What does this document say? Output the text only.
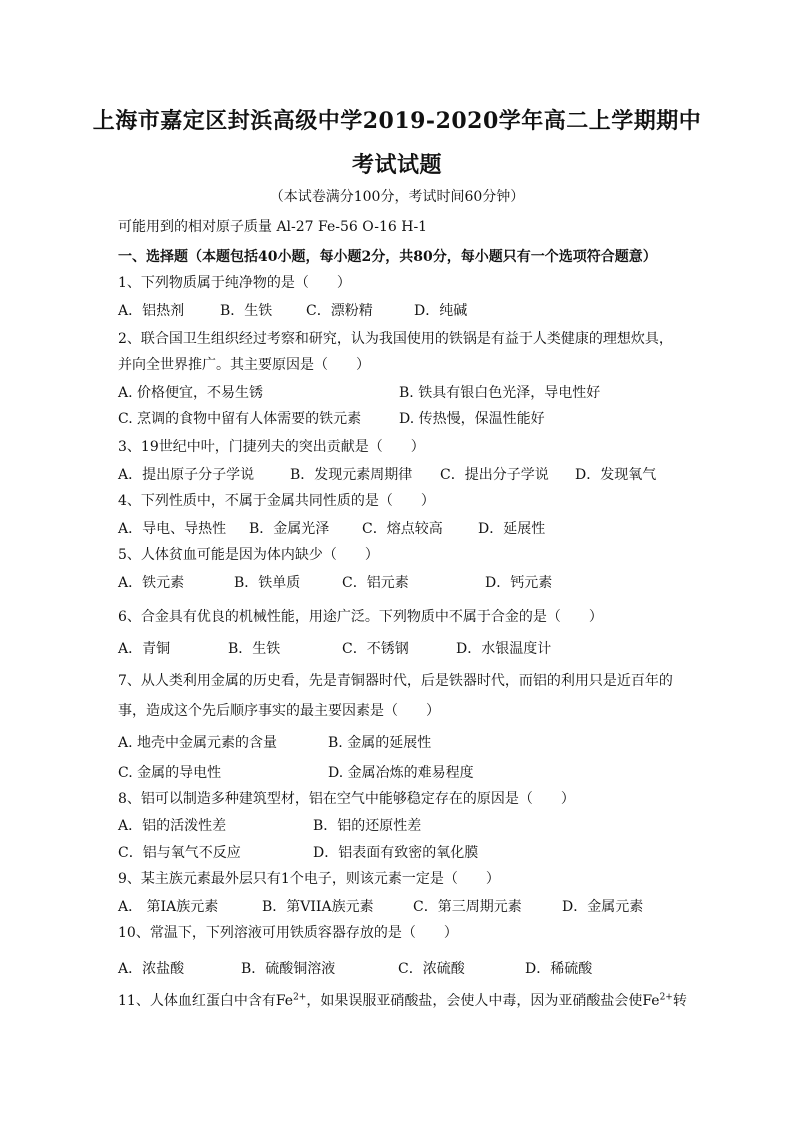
上海市嘉定区封浜高级中学2019-2020学年高二上学期期中
考试试题
（本试卷满分100分，考试时间60分钟）
可能用到的相对原子质量 Al-27 Fe-56 O-16 H-1
一、选择题（本题包括40小题，每小题2分，共80分，每小题只有一个选项符合题意）
1、下列物质属于纯净物的是（　　）
A．铝热剂	B．生铁 C．漂粉精	D．纯碱
2、联合国卫生组织经过考察和研究，认为我国使用的铁锅是有益于人类健康的理想炊具，
并向全世界推广。其主要原因是（　　）
A. 价格便宜，不易生锈	B. 铁具有银白色光泽，导电性好
C. 烹调的食物中留有人体需要的铁元素	D. 传热慢，保温性能好
3、19世纪中叶，门捷列夫的突出贡献是（　　）
A．提出原子分子学说	B．发现元素周期律 C．提出分子学说 D．发现氧气
4、下列性质中，不属于金属共同性质的是（　　）
A．导电、导热性 B．金属光泽 C．熔点较高	D．延展性
5、人体贫血可能是因为体内缺少（　　）
A．铁元素	B．铁单质	C．铝元素	D．钙元素
6、合金具有优良的机械性能，用途广泛。下列物质中不属于合金的是（　　）
A．青铜	B．生铁	C．不锈钢	D．水银温度计
7、从人类利用金属的历史看，先是青铜器时代，后是铁器时代，而铝的利用只是近百年的
事，造成这个先后顺序事实的最主要因素是（　　）
A. 地壳中金属元素的含量	B. 金属的延展性
C. 金属的导电性	D. 金属冶炼的难易程度
8、铝可以制造多种建筑型材，铝在空气中能够稳定存在的原因是（　　）
A．铝的活泼性差	B．铝的还原性差
C．铝与氧气不反应	D．铝表面有致密的氧化膜
9、某主族元素最外层只有1个电子，则该元素一定是（　　）
A． 第IA族元素	B．第VIIA族元素	C．第三周期元素	D．金属元素
10、常温下，下列溶液可用铁质容器存放的是（　　）
A．浓盐酸	B．硫酸铜溶液	C．浓硫酸	D．稀硫酸
11、人体血红蛋白中含有$Fe^{2+}$，如果误服亚硝酸盐，会使人中毒，因为亚硝酸盐会使$Fe^{2+}$转
